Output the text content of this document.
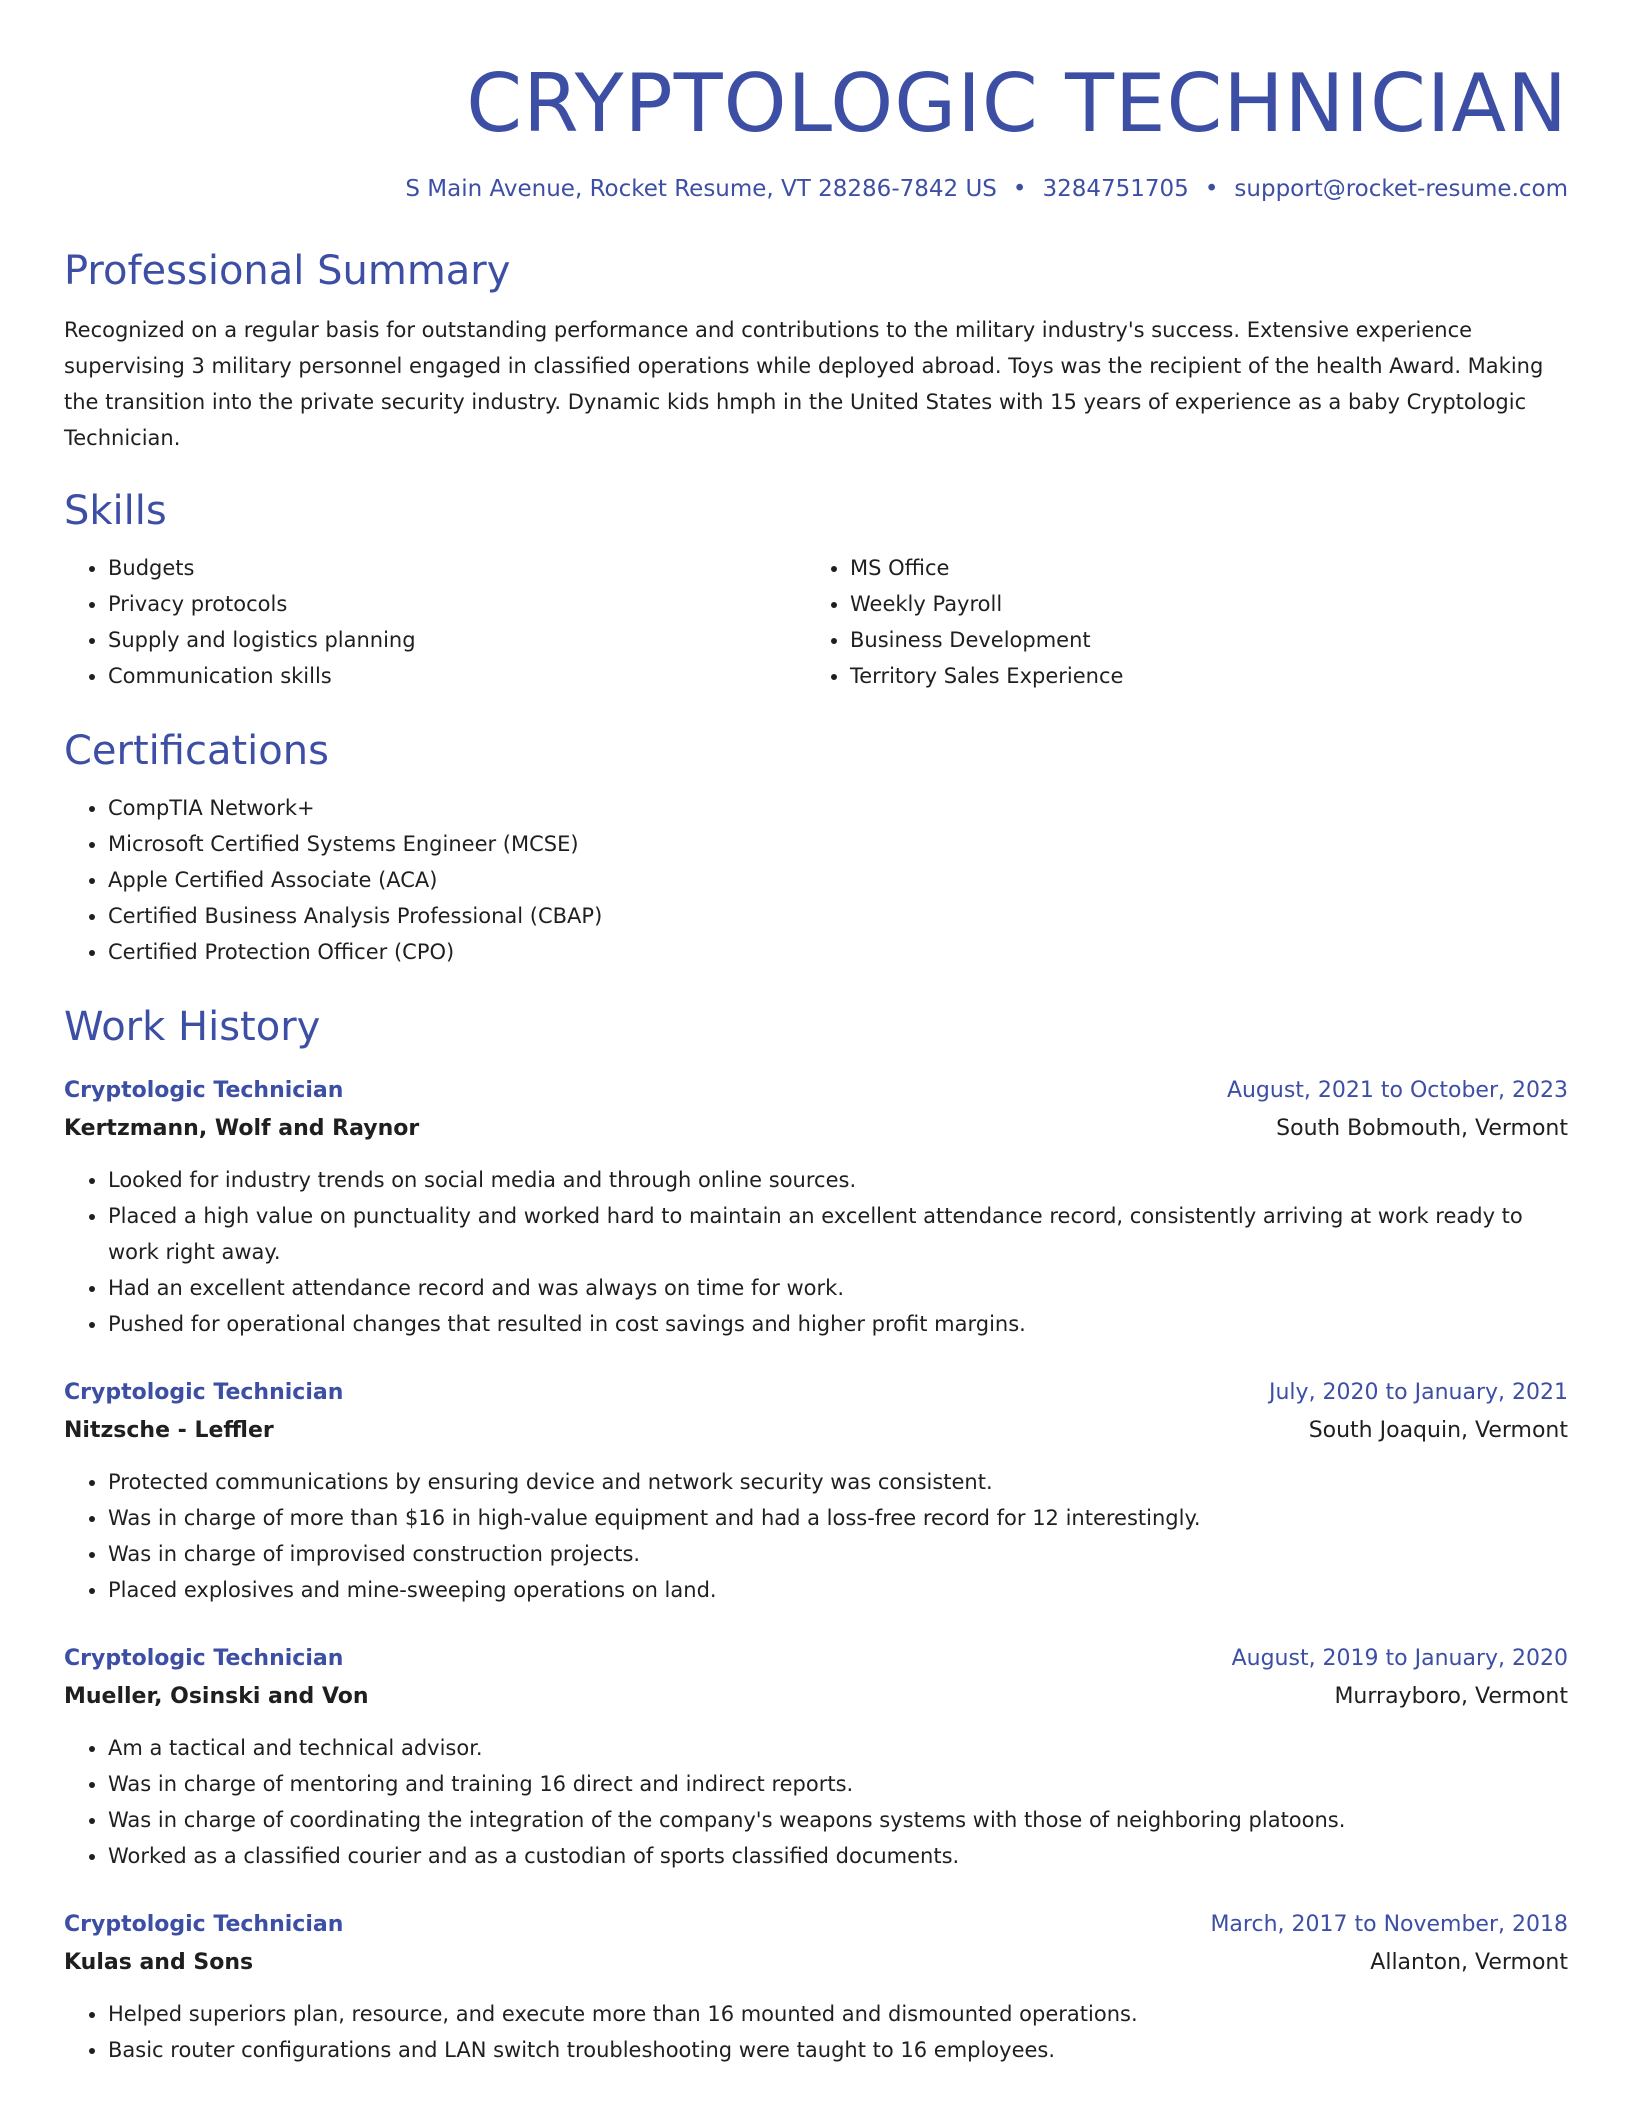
CRYPTOLOGIC TECHNICIAN
S Main Avenue, Rocket Resume, VT 28286-7842 US • 3284751705 • support@rocket-resume.com
Professional Summary

Recognized on a regular basis for outstanding performance and contributions to the military industry's success. Extensive experience supervising 3 military personnel engaged in classified operations while deployed abroad. Toys was the recipient of the health Award. Making the transition into the private security industry. Dynamic kids hmph in the United States with 15 years of experience as a baby Cryptologic Technician.

Skills
• Budgets
• Privacy protocols
• Supply and logistics planning
• Communication skills
• MS Office
• Weekly Payroll
• Business Development
• Territory Sales Experience
Certifications
• CompTIA Network+
• Microsoft Certified Systems Engineer (MCSE)
• Apple Certified Associate (ACA)
• Certified Business Analysis Professional (CBAP)
• Certified Protection Officer (CPO)
Work History
Cryptologic Technician	August, 2021 to October, 2023
Kertzmann, Wolf and Raynor	South Bobmouth, Vermont
• Looked for industry trends on social media and through online sources.
• Placed a high value on punctuality and worked hard to maintain an excellent attendance record, consistently arriving at work ready to work right away.
• Had an excellent attendance record and was always on time for work.
• Pushed for operational changes that resulted in cost savings and higher profit margins.
Cryptologic Technician	July, 2020 to January, 2021
Nitzsche - Leffler	South Joaquin, Vermont
• Protected communications by ensuring device and network security was consistent.
• Was in charge of more than $16 in high-value equipment and had a loss-free record for 12 interestingly.
• Was in charge of improvised construction projects.
• Placed explosives and mine-sweeping operations on land.
Cryptologic Technician	August, 2019 to January, 2020
Mueller, Osinski and Von	Murrayboro, Vermont
• Am a tactical and technical advisor.
• Was in charge of mentoring and training 16 direct and indirect reports.
• Was in charge of coordinating the integration of the company's weapons systems with those of neighboring platoons.
• Worked as a classified courier and as a custodian of sports classified documents.
Cryptologic Technician	March, 2017 to November, 2018
Kulas and Sons	Allanton, Vermont
• Helped superiors plan, resource, and execute more than 16 mounted and dismounted operations.
• Basic router configurations and LAN switch troubleshooting were taught to 16 employees.
